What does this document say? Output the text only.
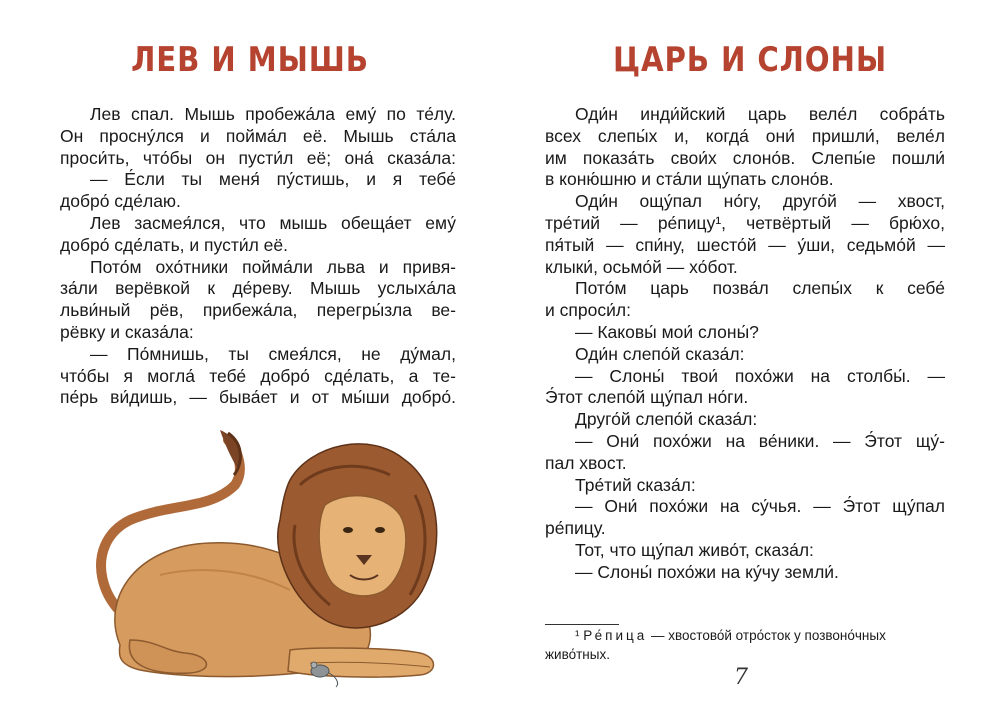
ЛЕВ И МЫШЬ
Лев спал. Мышь пробежа́ла ему́ по те́лу.
Он просну́лся и пойма́л её. Мышь ста́ла
проси́ть, что́бы он пусти́л её; она́ сказа́ла:
— Е́сли ты меня́ пу́стишь, и я тебе́
добро́ сде́лаю.
Лев засмея́лся, что мышь обеща́ет ему́
добро́ сде́лать, и пусти́л её.
Пото́м охо́тники пойма́ли льва и привя-
за́ли верёвкой к де́реву. Мышь услыха́ла
льви́ный рёв, прибежа́ла, перегры́зла ве-
рёвку и сказа́ла:
— По́мнишь, ты смея́лся, не ду́мал,
что́бы я могла́ тебе́ добро́ сде́лать, а те-
пе́рь ви́дишь, — быва́ет и от мы́ши добро́.
ЦАРЬ И СЛОНЫ
Оди́н инди́йский царь веле́л собра́ть
всех слепы́х и, когда́ они́ пришли́, веле́л
им показа́ть свои́х слоно́в. Слепы́е пошли́
в коню́шню и ста́ли щу́пать слоно́в.
Оди́н ощу́пал но́гу, друго́й — хвост,
тре́тий — ре́пицу¹, четвёртый — брю́хо,
пя́тый — спи́ну, шесто́й — у́ши, седьмо́й —
клыки́, осьмо́й — хо́бот.
Пото́м царь позва́л слепы́х к себе́
и спроси́л:
— Каковы́ мои́ слоны́?
Оди́н слепо́й сказа́л:
— Слоны́ твои́ похо́жи на столбы́. —
Э́тот слепо́й щу́пал но́ги.
Друго́й слепо́й сказа́л:
— Они́ похо́жи на ве́ники. — Э́тот щу́-
пал хвост.
Тре́тий сказа́л:
— Они́ похо́жи на су́чья. — Э́тот щу́пал
ре́пицу.
Тот, что щу́пал живо́т, сказа́л:
— Слоны́ похо́жи на ку́чу земли́.
¹ Ре́пица — хвостово́й отро́сток у позвоно́чных
живо́тных.
7
